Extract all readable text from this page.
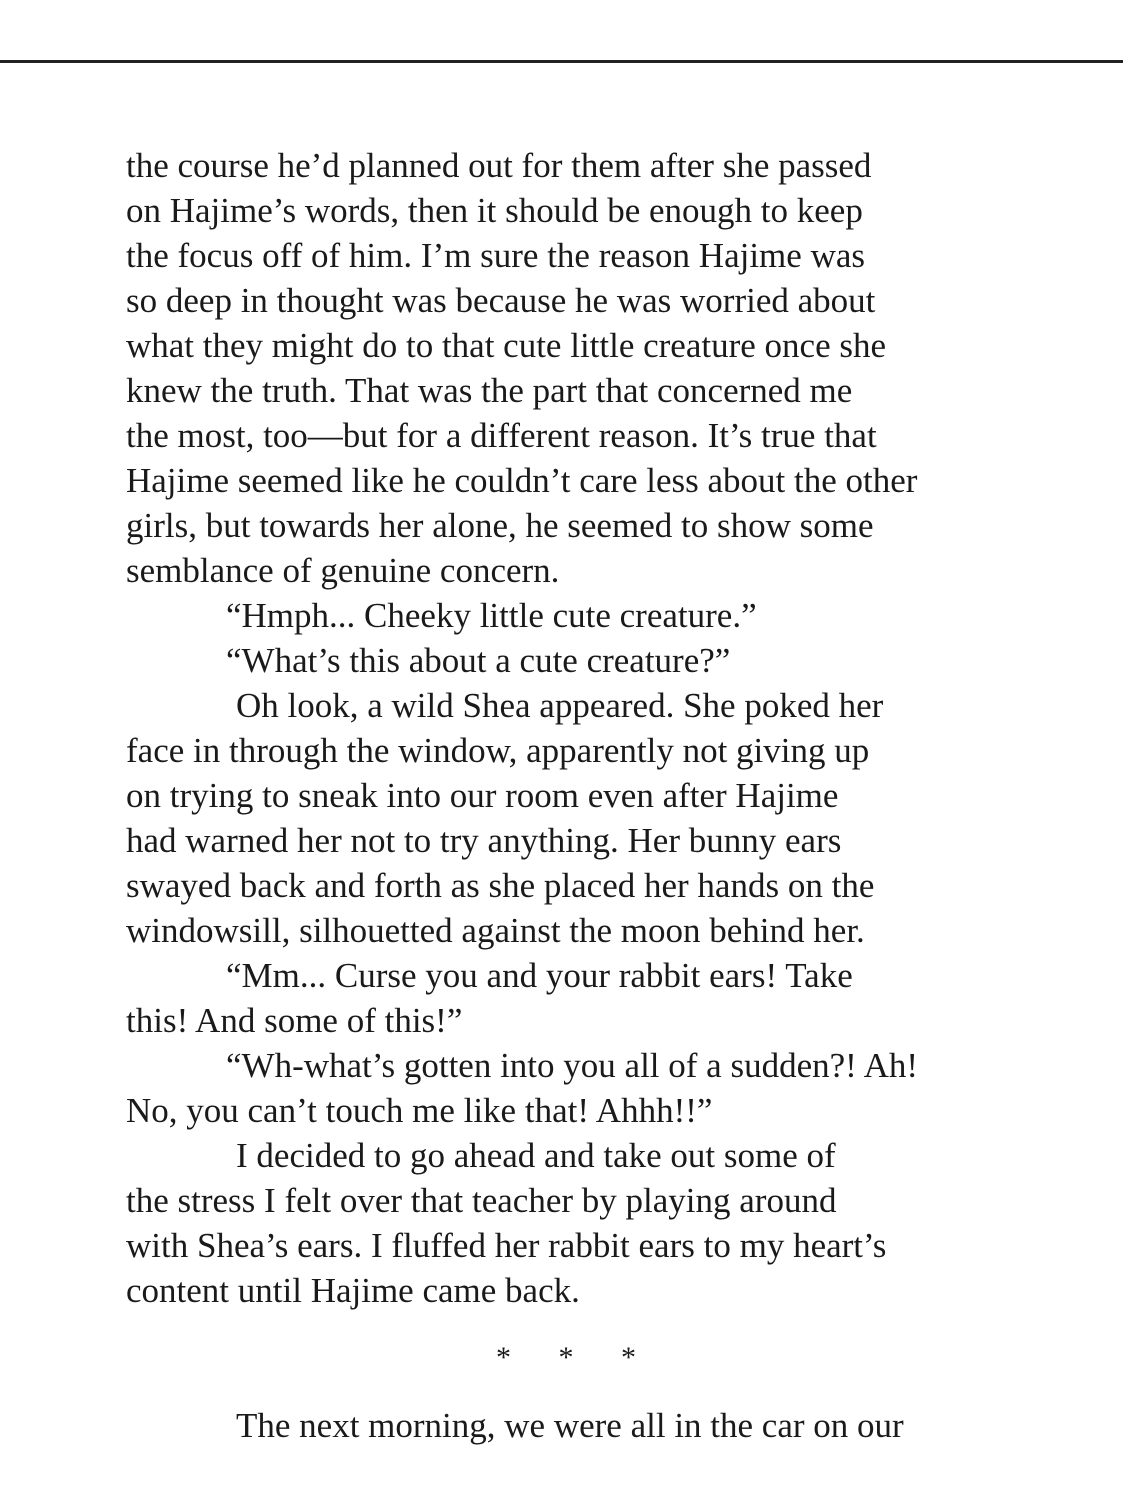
the course he’d planned out for them after she passed
on Hajime’s words, then it should be enough to keep
the focus off of him. I’m sure the reason Hajime was
so deep in thought was because he was worried about
what they might do to that cute little creature once she
knew the truth. That was the part that concerned me
the most, too—but for a different reason. It’s true that
Hajime seemed like he couldn’t care less about the other
girls, but towards her alone, he seemed to show some
semblance of genuine concern.
“Hmph... Cheeky little cute creature.”
“What’s this about a cute creature?”
Oh look, a wild Shea appeared. She poked her
face in through the window, apparently not giving up
on trying to sneak into our room even after Hajime
had warned her not to try anything. Her bunny ears
swayed back and forth as she placed her hands on the
windowsill, silhouetted against the moon behind her.
“Mm... Curse you and your rabbit ears! Take
this! And some of this!”
“Wh-what’s gotten into you all of a sudden?! Ah!
No, you can’t touch me like that! Ahhh!!”
I decided to go ahead and take out some of
the stress I felt over that teacher by playing around
with Shea’s ears. I fluffed her rabbit ears to my heart’s
content until Hajime came back.
* * *
The next morning, we were all in the car on our
